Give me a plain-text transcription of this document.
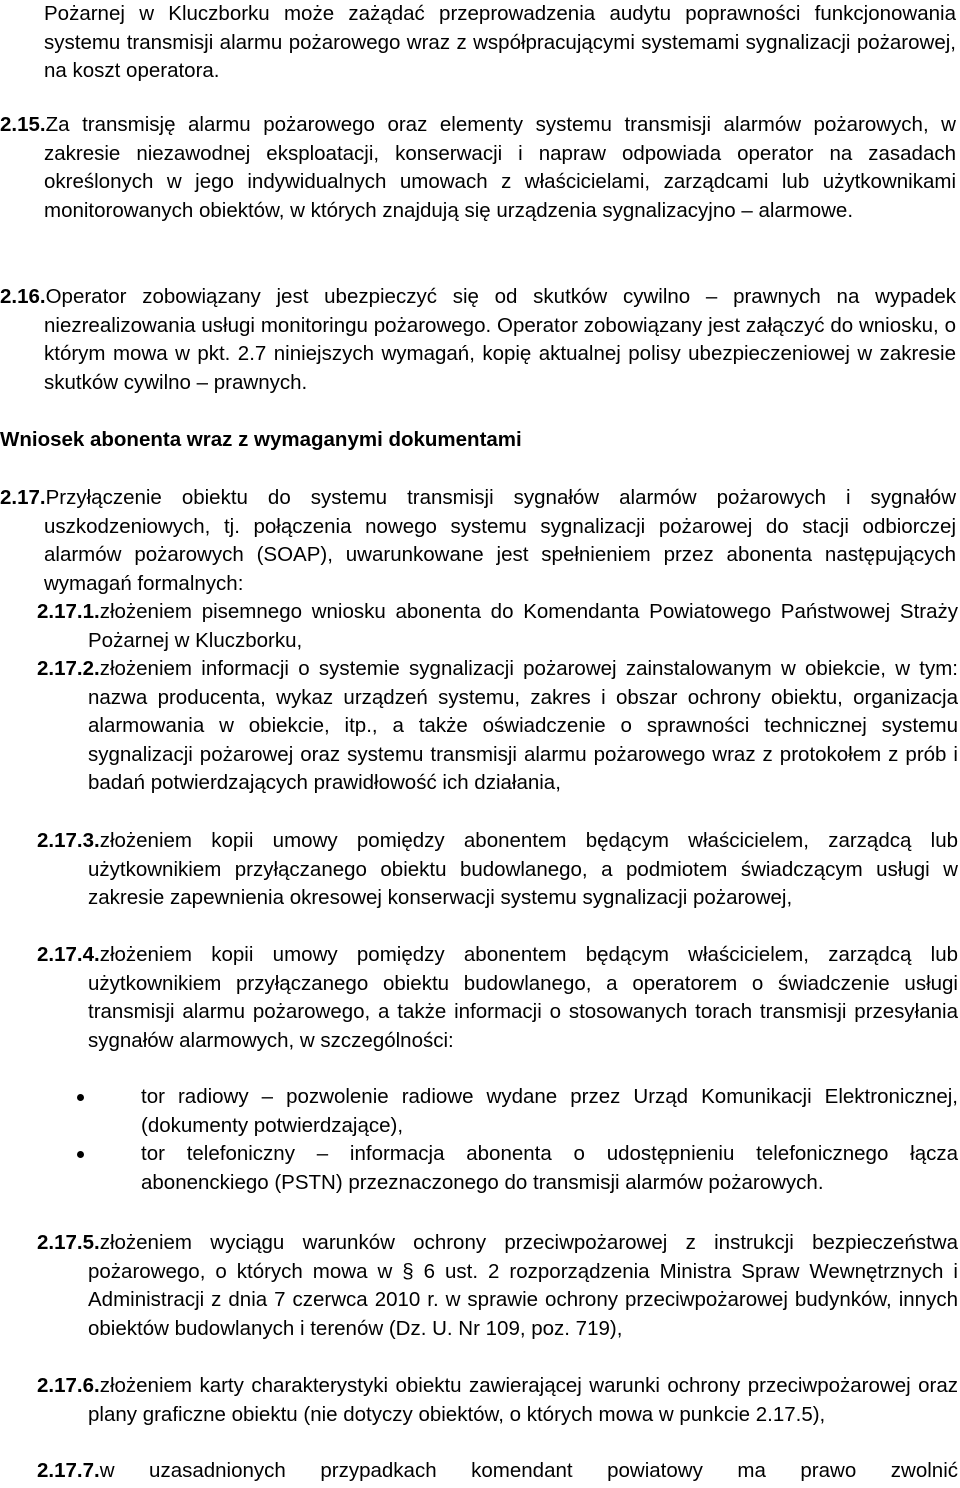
Pożarnej w Kluczborku może zażądać przeprowadzenia audytu poprawności funkcjonowania systemu transmisji alarmu pożarowego wraz z współpracującymi systemami sygnalizacji pożarowej, na koszt operatora.
2.15.Za transmisję alarmu pożarowego oraz elementy systemu transmisji alarmów pożarowych, w zakresie niezawodnej eksploatacji, konserwacji i napraw odpowiada operator na zasadach określonych w jego indywidualnych umowach z właścicielami, zarządcami lub użytkownikami monitorowanych obiektów, w których znajdują się urządzenia sygnalizacyjno – alarmowe.
2.16.Operator zobowiązany jest ubezpieczyć się od skutków cywilno – prawnych na wypadek niezrealizowania usługi monitoringu pożarowego. Operator zobowiązany jest załączyć do wniosku, o którym mowa w pkt. 2.7 niniejszych wymagań, kopię aktualnej polisy ubezpieczeniowej w zakresie skutków cywilno – prawnych.
Wniosek abonenta wraz z wymaganymi dokumentami
2.17.Przyłączenie obiektu do systemu transmisji sygnałów alarmów pożarowych i sygnałów uszkodzeniowych, tj. połączenia nowego systemu sygnalizacji pożarowej do stacji odbiorczej alarmów pożarowych (SOAP), uwarunkowane jest spełnieniem przez abonenta następujących wymagań formalnych:
2.17.1.złożeniem pisemnego wniosku abonenta do Komendanta Powiatowego Państwowej Straży Pożarnej w Kluczborku,
2.17.2.złożeniem informacji o systemie sygnalizacji pożarowej zainstalowanym w obiekcie, w tym: nazwa producenta, wykaz urządzeń systemu, zakres i obszar ochrony obiektu, organizacja alarmowania w obiekcie, itp., a także oświadczenie o sprawności technicznej systemu sygnalizacji pożarowej oraz systemu transmisji alarmu pożarowego wraz z protokołem z prób i badań potwierdzających prawidłowość ich działania,
2.17.3.złożeniem kopii umowy pomiędzy abonentem będącym właścicielem, zarządcą lub użytkownikiem przyłączanego obiektu budowlanego, a podmiotem świadczącym usługi w zakresie zapewnienia okresowej konserwacji systemu sygnalizacji pożarowej,
2.17.4.złożeniem kopii umowy pomiędzy abonentem będącym właścicielem, zarządcą lub użytkownikiem przyłączanego obiektu budowlanego, a operatorem o świadczenie usługi transmisji alarmu pożarowego, a także informacji o stosowanych torach transmisji przesyłania sygnałów alarmowych, w szczególności:
tor radiowy – pozwolenie radiowe wydane przez Urząd Komunikacji Elektronicznej, (dokumenty potwierdzające),
tor telefoniczny – informacja abonenta o udostępnieniu telefonicznego łącza abonenckiego (PSTN) przeznaczonego do transmisji alarmów pożarowych.
2.17.5.złożeniem wyciągu warunków ochrony przeciwpożarowej z instrukcji bezpieczeństwa pożarowego, o których mowa w § 6 ust. 2 rozporządzenia Ministra Spraw Wewnętrznych i Administracji z dnia 7 czerwca 2010 r. w sprawie ochrony przeciwpożarowej budynków, innych obiektów budowlanych i terenów (Dz. U. Nr 109, poz. 719),
2.17.6.złożeniem karty charakterystyki obiektu zawierającej warunki ochrony przeciwpożarowej oraz plany graficzne obiektu (nie dotyczy obiektów, o których mowa w punkcie 2.17.5),
2.17.7.w uzasadnionych przypadkach komendant powiatowy ma prawo zwolnić
